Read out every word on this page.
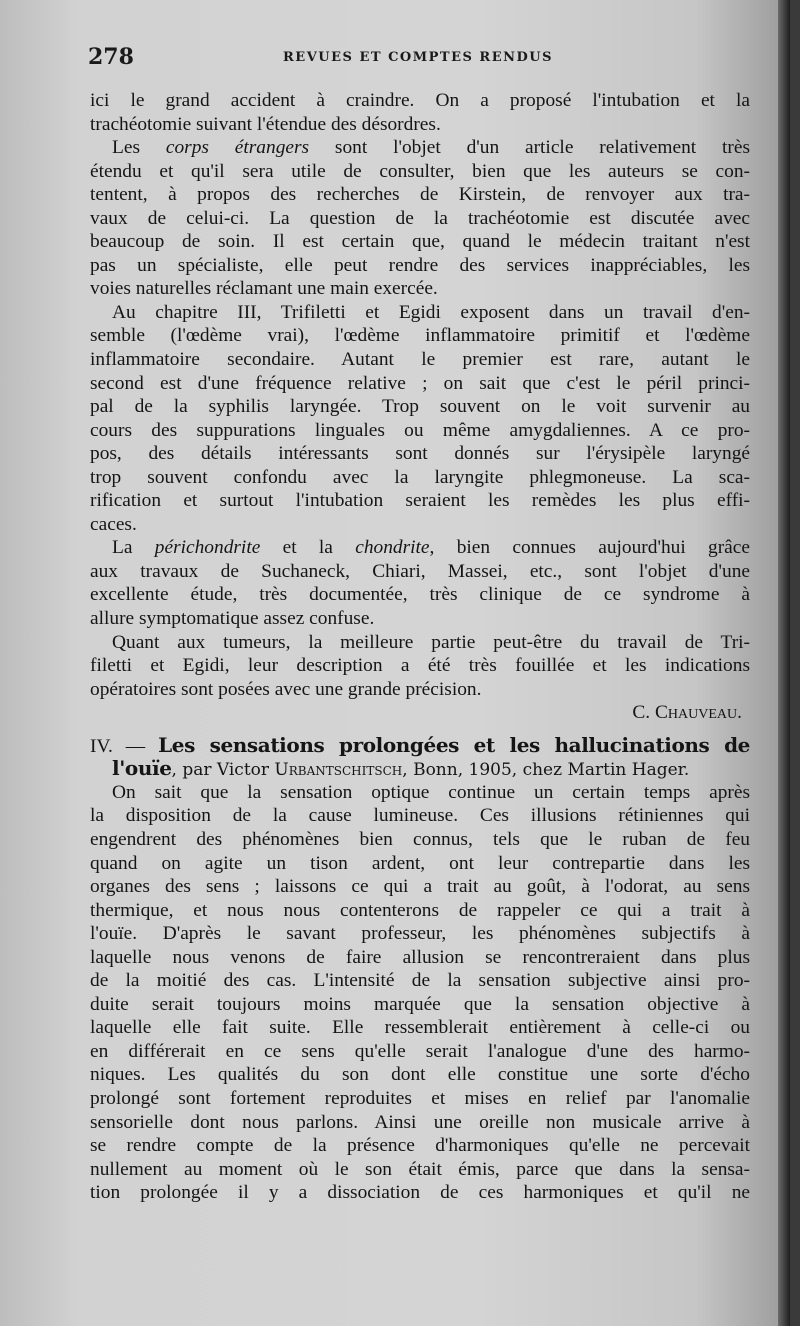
278	REVUES ET COMPTES RENDUS
ici le grand accident à craindre. On a proposé l'intubation et la
trachéotomie suivant l'étendue des désordres.
Les corps étrangers sont l'objet d'un article relativement très
étendu et qu'il sera utile de consulter, bien que les auteurs se con-
tentent, à propos des recherches de Kirstein, de renvoyer aux tra-
vaux de celui-ci. La question de la trachéotomie est discutée avec
beaucoup de soin. Il est certain que, quand le médecin traitant n'est
pas un spécialiste, elle peut rendre des services inappréciables, les
voies naturelles réclamant une main exercée.
Au chapitre III, Trifiletti et Egidi exposent dans un travail d'en-
semble (l'œdème vrai), l'œdème inflammatoire primitif et l'œdème
inflammatoire secondaire. Autant le premier est rare, autant le
second est d'une fréquence relative ; on sait que c'est le péril princi-
pal de la syphilis laryngée. Trop souvent on le voit survenir au
cours des suppurations linguales ou même amygdaliennes. A ce pro-
pos, des détails intéressants sont donnés sur l'érysipèle laryngé
trop souvent confondu avec la laryngite phlegmoneuse. La sca-
rification et surtout l'intubation seraient les remèdes les plus effi-
caces.
La périchondrite et la chondrite, bien connues aujourd'hui grâce
aux travaux de Suchaneck, Chiari, Massei, etc., sont l'objet d'une
excellente étude, très documentée, très clinique de ce syndrome à
allure symptomatique assez confuse.
Quant aux tumeurs, la meilleure partie peut-être du travail de Tri-
filetti et Egidi, leur description a été très fouillée et les indications
opératoires sont posées avec une grande précision.
C. Chauveau.
IV. — Les sensations prolongées et les hallucinations de
l'ouïe, par Victor Urbantschitsch, Bonn, 1905, chez Martin Hager.
On sait que la sensation optique continue un certain temps après
la disposition de la cause lumineuse. Ces illusions rétiniennes qui
engendrent des phénomènes bien connus, tels que le ruban de feu
quand on agite un tison ardent, ont leur contrepartie dans les
organes des sens ; laissons ce qui a trait au goût, à l'odorat, au sens
thermique, et nous nous contenterons de rappeler ce qui a trait à
l'ouïe. D'après le savant professeur, les phénomènes subjectifs à
laquelle nous venons de faire allusion se rencontreraient dans plus
de la moitié des cas. L'intensité de la sensation subjective ainsi pro-
duite serait toujours moins marquée que la sensation objective à
laquelle elle fait suite. Elle ressemblerait entièrement à celle-ci ou
en différerait en ce sens qu'elle serait l'analogue d'une des harmo-
niques. Les qualités du son dont elle constitue une sorte d'écho
prolongé sont fortement reproduites et mises en relief par l'anomalie
sensorielle dont nous parlons. Ainsi une oreille non musicale arrive à
se rendre compte de la présence d'harmoniques qu'elle ne percevait
nullement au moment où le son était émis, parce que dans la sensa-
tion prolongée il y a dissociation de ces harmoniques et qu'il ne
